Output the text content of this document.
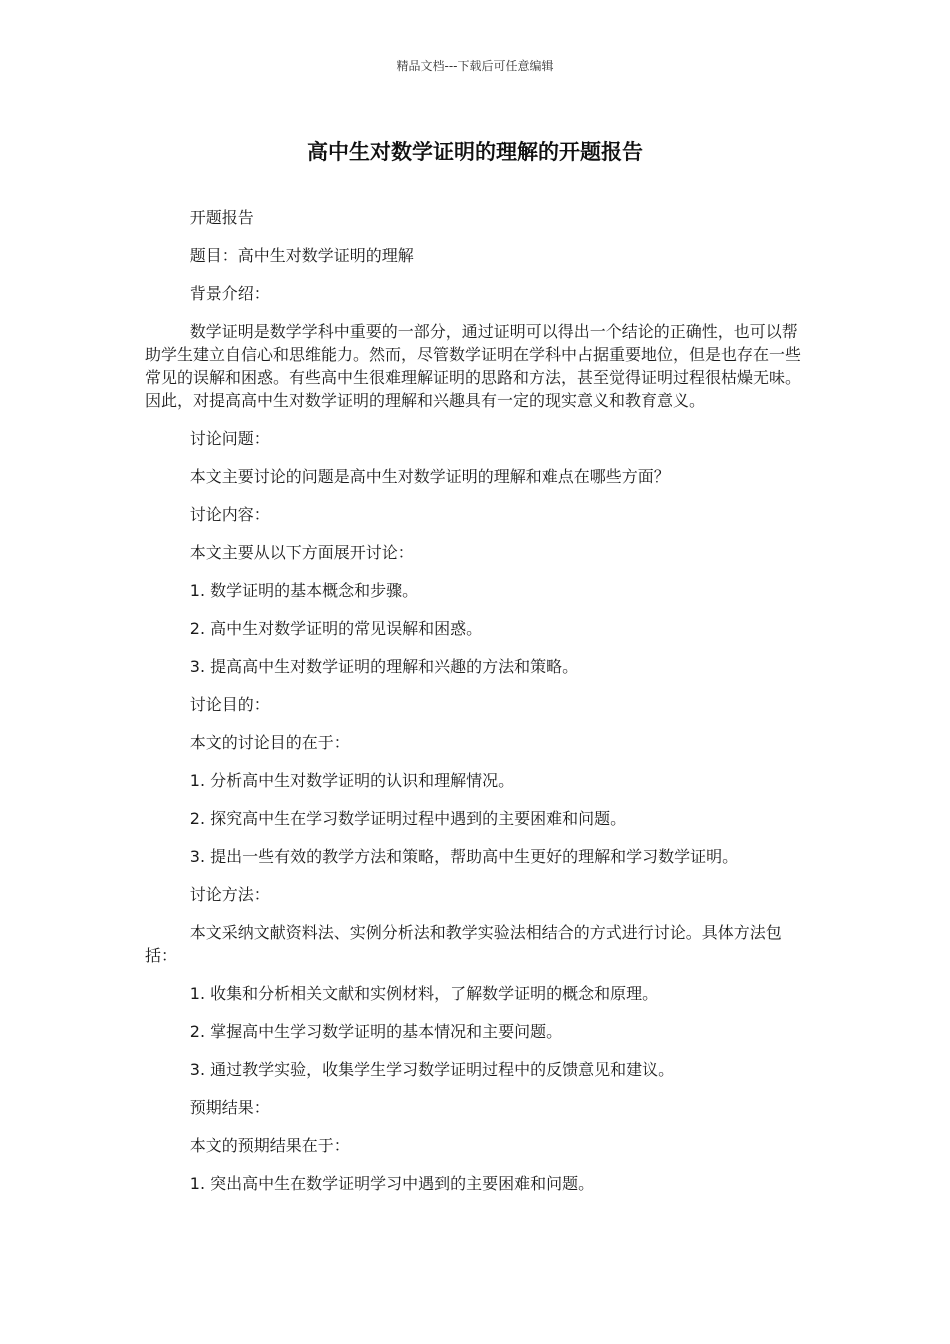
精品文档---下载后可任意编辑
高中生对数学证明的理解的开题报告

开题报告

题目：高中生对数学证明的理解

背景介绍：

数学证明是数学学科中重要的一部分，通过证明可以得出一个结论的正确性，也可以帮助学生建立自信心和思维能力。然而，尽管数学证明在学科中占据重要地位，但是也存在一些常见的误解和困惑。有些高中生很难理解证明的思路和方法，甚至觉得证明过程很枯燥无味。因此，对提高高中生对数学证明的理解和兴趣具有一定的现实意义和教育意义。

讨论问题：

本文主要讨论的问题是高中生对数学证明的理解和难点在哪些方面？

讨论内容：

本文主要从以下方面展开讨论：

1. 数学证明的基本概念和步骤。

2. 高中生对数学证明的常见误解和困惑。

3. 提高高中生对数学证明的理解和兴趣的方法和策略。

讨论目的：

本文的讨论目的在于：

1. 分析高中生对数学证明的认识和理解情况。

2. 探究高中生在学习数学证明过程中遇到的主要困难和问题。

3. 提出一些有效的教学方法和策略，帮助高中生更好的理解和学习数学证明。

讨论方法：

本文采纳文献资料法、实例分析法和教学实验法相结合的方式进行讨论。具体方法包括：

1. 收集和分析相关文献和实例材料，了解数学证明的概念和原理。

2. 掌握高中生学习数学证明的基本情况和主要问题。

3. 通过教学实验，收集学生学习数学证明过程中的反馈意见和建议。

预期结果：

本文的预期结果在于：

1. 突出高中生在数学证明学习中遇到的主要困难和问题。
